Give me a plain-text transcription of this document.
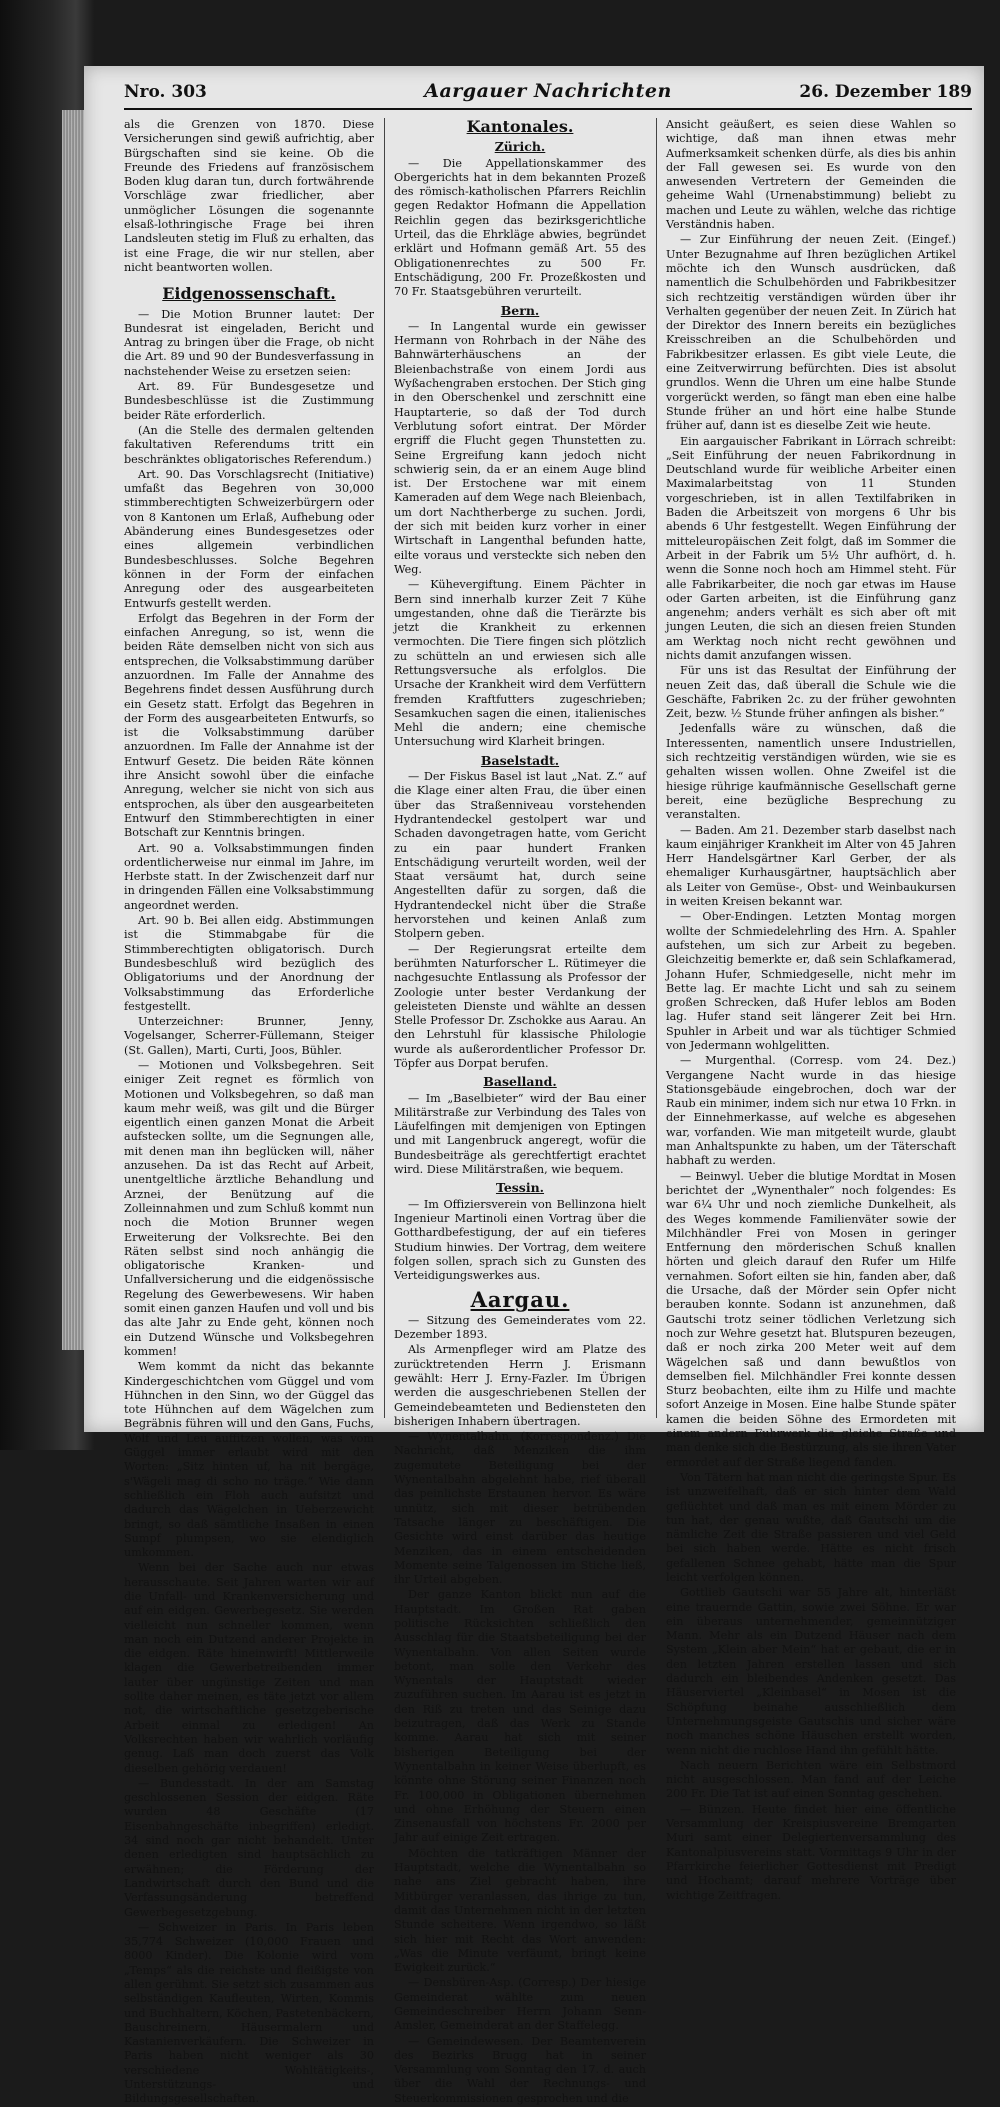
Nro. 303	Aargauer Nachrichten	26. Dezember 189

als die Grenzen von 1870. Diese Versicherungen sind gewiß aufrichtig, aber Bürgschaften sind sie keine. Ob die Freunde des Friedens auf französischem Boden klug daran tun, durch fortwährende Vorschläge zwar friedlicher, aber unmöglicher Lösungen die sogenannte elsaß-lothringische Frage bei ihren Landsleuten stetig im Fluß zu erhalten, das ist eine Frage, die wir nur stellen, aber nicht beantworten wollen.

Eidgenossenschaft.

— Die Motion Brunner lautet: Der Bundesrat ist eingeladen, Bericht und Antrag zu bringen über die Frage, ob nicht die Art. 89 und 90 der Bundesverfassung in nachstehender Weise zu ersetzen seien:

Art. 89. Für Bundesgesetze und Bundesbeschlüsse ist die Zustimmung beider Räte erforderlich.

(An die Stelle des dermalen geltenden fakultativen Referendums tritt ein beschränktes obligatorisches Referendum.)

Art. 90. Das Vorschlagsrecht (Initiative) umfaßt das Begehren von 30,000 stimmberechtigten Schweizerbürgern oder von 8 Kantonen um Erlaß, Aufhebung oder Abänderung eines Bundesgesetzes oder eines allgemein verbindlichen Bundesbeschlusses. Solche Begehren können in der Form der einfachen Anregung oder des ausgearbeiteten Entwurfs gestellt werden.

Erfolgt das Begehren in der Form der einfachen Anregung, so ist, wenn die beiden Räte demselben nicht von sich aus entsprechen, die Volksabstimmung darüber anzuordnen. Im Falle der Annahme des Begehrens findet dessen Ausführung durch ein Gesetz statt. Erfolgt das Begehren in der Form des ausgearbeiteten Entwurfs, so ist die Volksabstimmung darüber anzuordnen. Im Falle der Annahme ist der Entwurf Gesetz. Die beiden Räte können ihre Ansicht sowohl über die einfache Anregung, welcher sie nicht von sich aus entsprochen, als über den ausgearbeiteten Entwurf den Stimmberechtigten in einer Botschaft zur Kenntnis bringen.

Art. 90 a. Volksabstimmungen finden ordentlicherweise nur einmal im Jahre, im Herbste statt. In der Zwischenzeit darf nur in dringenden Fällen eine Volksabstimmung angeordnet werden.

Art. 90 b. Bei allen eidg. Abstimmungen ist die Stimmabgabe für die Stimmberechtigten obligatorisch. Durch Bundesbeschluß wird bezüglich des Obligatoriums und der Anordnung der Volksabstimmung das Erforderliche festgestellt.

Unterzeichner: Brunner, Jenny, Vogelsanger, Scherrer-Füllemann, Steiger (St. Gallen), Marti, Curti, Joos, Bühler.

— Motionen und Volksbegehren. Seit einiger Zeit regnet es förmlich von Motionen und Volksbegehren, so daß man kaum mehr weiß, was gilt und die Bürger eigentlich einen ganzen Monat die Arbeit aufstecken sollte, um die Segnungen alle, mit denen man ihn beglücken will, näher anzusehen. Da ist das Recht auf Arbeit, unentgeltliche ärztliche Behandlung und Arznei, der Benützung auf die Zolleinnahmen und zum Schluß kommt nun noch die Motion Brunner wegen Erweiterung der Volksrechte. Bei den Räten selbst sind noch anhängig die obligatorische Kranken- und Unfallversicherung und die eidgenössische Regelung des Gewerbewesens. Wir haben somit einen ganzen Haufen und voll und bis das alte Jahr zu Ende geht, können noch ein Dutzend Wünsche und Volksbegehren kommen!

Wem kommt da nicht das bekannte Kindergeschichtchen vom Güggel und vom Hühnchen in den Sinn, wo der Güggel das tote Hühnchen auf dem Wägelchen zum Begräbnis führen will und den Gans, Fuchs, Wolf und Leu auffitzen wollen, was vom Güggel immer erlaubt wird mit den Worten: „Sitz hinten uf, ha nit bergäge, s'Wägeli mag di scho no träge.“ Wie dann schließlich ein Floh auch aufsitzt und dadurch das Wägelchen in Ueberzewicht bringt, so daß sämtliche Insaßen in einen Sumpf plumpsen, wo sie elendiglich umkommen.

Wenn bei der Sache auch nur etwas herausschaute. Seit Jahren warten wir auf die Unfall- und Krankenversicherung und auf ein eidgen. Gewerbegesetz. Sie werden vielleicht nun schneller kommen, wenn man noch ein Dutzend anderer Projekte in die eidgen. Räte hineinwirft! Mittlerweile klagen die Gewerbetreibenden immer lauter über ungünstige Zeiten und man sollte daher meinen, es täte jetzt vor allem not, die wirtschaftliche gesetzgeberische Arbeit einmal zu erledigen! An Volksrechten haben wir wahrlich vorläufig genug. Laß man doch zuerst das Volk dieselben gehörig verdauen!

— Bundesstadt. In der am Samstag geschlossenen Session der eidgen. Räte wurden 48 Geschäfte (17 Eisenbahngeschäfte inbegriffen) erledigt. 34 sind noch gar nicht behandelt. Unter denen erledigten sind hauptsächlich zu erwähnen; die Förderung der Landwirtschaft durch den Bund und die Verfassungsänderung betreffend Gewerbegesetzgebung.

— Schweizer in Paris. In Paris leben 35,774 Schweizer (10,000 Frauen und 8000 Kinder). Die Kolonie wird vom „Temps“ als die reichste und fleißigste von allen gerühmt. Sie setzt sich zusammen aus selbständigen Kaufleuten, Wirten, Kommis und Buchhaltern, Köchen, Pastetenbäckern, Bauschreinern, Häusermalern und Kastanienverkäufern. Die Schweizer in Paris haben nicht weniger als 30 verschiedene Wohltätigkeits-, Unterstützungs- und Bildungsgesellschaften.

Kantonales.
Zürich.

— Die Appellationskammer des Obergerichts hat in dem bekannten Prozeß des römisch-katholischen Pfarrers Reichlin gegen Redaktor Hofmann die Appellation Reichlin gegen das bezirksgerichtliche Urteil, das die Ehrkläge abwies, begründet erklärt und Hofmann gemäß Art. 55 des Obligationenrechtes zu 500 Fr. Entschädigung, 200 Fr. Prozeßkosten und 70 Fr. Staatsgebühren verurteilt.

Bern.

— In Langental wurde ein gewisser Hermann von Rohrbach in der Nähe des Bahnwärterhäuschens an der Bleienbachstraße von einem Jordi aus Wyßachengraben erstochen. Der Stich ging in den Oberschenkel und zerschnitt eine Hauptarterie, so daß der Tod durch Verblutung sofort eintrat. Der Mörder ergriff die Flucht gegen Thunstetten zu. Seine Ergreifung kann jedoch nicht schwierig sein, da er an einem Auge blind ist. Der Erstochene war mit einem Kameraden auf dem Wege nach Bleienbach, um dort Nachtherberge zu suchen. Jordi, der sich mit beiden kurz vorher in einer Wirtschaft in Langenthal befunden hatte, eilte voraus und versteckte sich neben den Weg.

— Kühevergiftung. Einem Pächter in Bern sind innerhalb kurzer Zeit 7 Kühe umgestanden, ohne daß die Tierärzte bis jetzt die Krankheit zu erkennen vermochten. Die Tiere fingen sich plötzlich zu schütteln an und erwiesen sich alle Rettungsversuche als erfolglos. Die Ursache der Krankheit wird dem Verfüttern fremden Kraftfutters zugeschrieben; Sesamkuchen sagen die einen, italienisches Mehl die andern; eine chemische Untersuchung wird Klarheit bringen.

Baselstadt.

— Der Fiskus Basel ist laut „Nat. Z.“ auf die Klage einer alten Frau, die über einen über das Straßenniveau vorstehenden Hydrantendeckel gestolpert war und Schaden davongetragen hatte, vom Gericht zu ein paar hundert Franken Entschädigung verurteilt worden, weil der Staat versäumt hat, durch seine Angestellten dafür zu sorgen, daß die Hydrantendeckel nicht über die Straße hervorstehen und keinen Anlaß zum Stolpern geben.

— Der Regierungsrat erteilte dem berühmten Naturforscher L. Rütimeyer die nachgesuchte Entlassung als Professor der Zoologie unter bester Verdankung der geleisteten Dienste und wählte an dessen Stelle Professor Dr. Zschokke aus Aarau. An den Lehrstuhl für klassische Philologie wurde als außerordentlicher Professor Dr. Töpfer aus Dorpat berufen.

Baselland.

— Im „Baselbieter“ wird der Bau einer Militärstraße zur Verbindung des Tales von Läufelfingen mit demjenigen von Eptingen und mit Langenbruck angeregt, wofür die Bundesbeiträge als gerechtfertigt erachtet wird. Diese Militärstraßen, wie bequem.

Tessin.

— Im Offiziersverein von Bellinzona hielt Ingenieur Martinoli einen Vortrag über die Gotthardbefestigung, der auf ein tieferes Studium hinwies. Der Vortrag, dem weitere folgen sollen, sprach sich zu Gunsten des Verteidigungswerkes aus.

Aargau.

— Sitzung des Gemeinderates vom 22. Dezember 1893.

Als Armenpfleger wird am Platze des zurücktretenden Herrn J. Erismann gewählt: Herr J. Erny-Fazler. Im Übrigen werden die ausgeschriebenen Stellen der Gemeindebeamteten und Bediensteten den bisherigen Inhabern übertragen.

— Wynentalbahn. (Korrespondenz.) Die Nachricht, daß Menziken die ihm zugemutete Beteiligung bei der Wynentalbahn abgelehnt habe, rief überall das peinlichste Erstaunen hervor. Es wäre unnütz, sich mit dieser betrübenden Tatsache länger zu beschäftigen. Die Gesichte wird einst darüber das heutige Menziken, das in einem entscheidenden Momente seine Talgenossen im Stiche ließ, ihr Urteil abgeben.

Der ganze Kanton blickt nun auf die Hauptstadt. Im Großen Rat gaben politische Rücksichten schließlich den Ausschlag für die Staatsbeteiligung bei der Wynentalbahn. Von allen Seiten wurde betont, man solle den Verkehr des Wynentals der Hauptstadt wieder zuzuführen suchen. Im Aarau ist es jetzt in den Riß zu treten und das Seinige dazu beizutragen, daß das Werk zu Stande komme. Aarau hat sich mit seiner bisherigen Beteiligung bei der Wynentalbahn in keiner Weise überlupft, es könnte ohne Störung seiner Finanzen noch Fr. 100,000 in Obligationen übernehmen und ohne Erhöhung der Steuern einen Zinsenausfall von höchstens Fr. 2000 per Jahr auf einige Zeit ertragen.

Möchten die tatkräftigen Männer der Hauptstadt, welche die Wynentalbahn so nahe ans Ziel gebracht haben, ihre Mitbürger veranlassen, das ihrige zu tun, damit das Unternehmen nicht in der letzten Stunde scheitere. Wenn irgendwo, so läßt sich hier mit Recht das Wort anwenden: „Was die Minute verfäumt, bringt keine Ewigkeit zurück.“

— Densbüren-Asp. (Corresp.) Der hiesige Gemeinderat wählte zum neuen Gemeindeschreiber Herrn Johann Senn-Amsler, Gemeinderat an der Staffelegg.

— Gemeindewesen. Der Beamtenverein des Bezirks Brugg hat in seiner Versammlung vom Sonntag den 17. d. auch über die Wahl der Rechnungs- und Steuerkommissionen gesprochen und die

Ansicht geäußert, es seien diese Wahlen so wichtige, daß man ihnen etwas mehr Aufmerksamkeit schenken dürfe, als dies bis anhin der Fall gewesen sei. Es wurde von den anwesenden Vertretern der Gemeinden die geheime Wahl (Urnenabstimmung) beliebt zu machen und Leute zu wählen, welche das richtige Verständnis haben.

— Zur Einführung der neuen Zeit. (Eingef.) Unter Bezugnahme auf Ihren bezüglichen Artikel möchte ich den Wunsch ausdrücken, daß namentlich die Schulbehörden und Fabrikbesitzer sich rechtzeitig verständigen würden über ihr Verhalten gegenüber der neuen Zeit. In Zürich hat der Direktor des Innern bereits ein bezügliches Kreisschreiben an die Schulbehörden und Fabrikbesitzer erlassen. Es gibt viele Leute, die eine Zeitverwirrung befürchten. Dies ist absolut grundlos. Wenn die Uhren um eine halbe Stunde vorgerückt werden, so fängt man eben eine halbe Stunde früher an und hört eine halbe Stunde früher auf, dann ist es dieselbe Zeit wie heute.

Ein aargauischer Fabrikant in Lörrach schreibt: „Seit Einführung der neuen Fabrikordnung in Deutschland wurde für weibliche Arbeiter einen Maximalarbeitstag von 11 Stunden vorgeschrieben, ist in allen Textilfabriken in Baden die Arbeitszeit von morgens 6 Uhr bis abends 6 Uhr festgestellt. Wegen Einführung der mitteleuropäischen Zeit folgt, daß im Sommer die Arbeit in der Fabrik um 5½ Uhr aufhört, d. h. wenn die Sonne noch hoch am Himmel steht. Für alle Fabrikarbeiter, die noch gar etwas im Hause oder Garten arbeiten, ist die Einführung ganz angenehm; anders verhält es sich aber oft mit jungen Leuten, die sich an diesen freien Stunden am Werktag noch nicht recht gewöhnen und nichts damit anzufangen wissen.

Für uns ist das Resultat der Einführung der neuen Zeit das, daß überall die Schule wie die Geschäfte, Fabriken 2c. zu der früher gewohnten Zeit, bezw. ½ Stunde früher anfingen als bisher.“

Jedenfalls wäre zu wünschen, daß die Interessenten, namentlich unsere Industriellen, sich rechtzeitig verständigen würden, wie sie es gehalten wissen wollen. Ohne Zweifel ist die hiesige rührige kaufmännische Gesellschaft gerne bereit, eine bezügliche Besprechung zu veranstalten.

— Baden. Am 21. Dezember starb daselbst nach kaum einjähriger Krankheit im Alter von 45 Jahren Herr Handelsgärtner Karl Gerber, der als ehemaliger Kurhausgärtner, hauptsächlich aber als Leiter von Gemüse-, Obst- und Weinbaukursen in weiten Kreisen bekannt war.

— Ober-Endingen. Letzten Montag morgen wollte der Schmiedelehrling des Hrn. A. Spahler aufstehen, um sich zur Arbeit zu begeben. Gleichzeitig bemerkte er, daß sein Schlafkamerad, Johann Hufer, Schmiedgeselle, nicht mehr im Bette lag. Er machte Licht und sah zu seinem großen Schrecken, daß Hufer leblos am Boden lag. Hufer stand seit längerer Zeit bei Hrn. Spuhler in Arbeit und war als tüchtiger Schmied von Jedermann wohlgelitten.

— Murgenthal. (Corresp. vom 24. Dez.) Vergangene Nacht wurde in das hiesige Stationsgebäude eingebrochen, doch war der Raub ein minimer, indem sich nur etwa 10 Frkn. in der Einnehmerkasse, auf welche es abgesehen war, vorfanden. Wie man mitgeteilt wurde, glaubt man Anhaltspunkte zu haben, um der Täterschaft habhaft zu werden.

— Beinwyl. Ueber die blutige Mordtat in Mosen berichtet der „Wynenthaler“ noch folgendes: Es war 6¼ Uhr und noch ziemliche Dunkelheit, als des Weges kommende Familienväter sowie der Milchhändler Frei von Mosen in geringer Entfernung den mörderischen Schuß knallen hörten und gleich darauf den Rufer um Hilfe vernahmen. Sofort eilten sie hin, fanden aber, daß die Ursache, daß der Mörder sein Opfer nicht berauben konnte. Sodann ist anzunehmen, daß Gautschi trotz seiner tödlichen Verletzung sich noch zur Wehre gesetzt hat. Blutspuren bezeugen, daß er noch zirka 200 Meter weit auf dem Wägelchen saß und dann bewußtlos von demselben fiel. Milchhändler Frei konnte dessen Sturz beobachten, eilte ihm zu Hilfe und machte sofort Anzeige in Mosen. Eine halbe Stunde später kamen die beiden Söhne des Ermordeten mit einem andern Fuhrwerk die gleiche Straße und man denke sich die Bestürzung, als sie ihren Vater ermordet auf der Straße liegend fanden.

Von Tätern hat man nicht die geringste Spur. Es ist unzweifelhaft, daß er sich hinter dem Wald geflüchtet und daß man es mit einem Mörder zu tun hat, der genau wußte, daß Gautschi um die nämliche Zeit die Straße passieren und viel Geld bei sich haben werde. Hätte es nicht frisch gefallenen Schnee gehabt, hätte man die Spur leicht verfolgen können.

Gottlieb Gautschi war 55 Jahre alt, hinterläßt eine trauernde Gattin, sowie zwei Söhne. Er war ein überaus unternehmender, gemeinnütziger Mann. Mehr als ein Dutzend Häuser nach dem System „Klein aber Mein“ hat er gebaut, die er in den letzten Jahren erstellen lassen und sich dadurch ein bleibendes Andenken gesetzt. Das Häuserviertel „Kleinbasel“ in Mosen ist die Schöpfung beinahe ausschließlich dem Unternehmungsgeiste Gautschis und sicher wäre noch manches schöne Häuschen erstellt worden, wenn nicht die ruchlose Hand ihn gefühlt hätte.

Nach neuern Berichten wäre ein Selbstmord nicht ausgeschlossen. Man fand auf der Leiche 200 Fr. Die Tat ist auf einen Sonntag geschehen.

— Bünzen. Heute findet hier eine öffentliche Versammlung der Kreispiusvereine Bremgarten Muri samt einer Delegiertenversammlung des Kantonalpiusvereins statt. Vormittags 9 Uhr in der Pfarrkirche feierlicher Gottesdienst mit Predigt und Hochamt; darauf mehrere Vorträge über wichtige Zeitfragen.
